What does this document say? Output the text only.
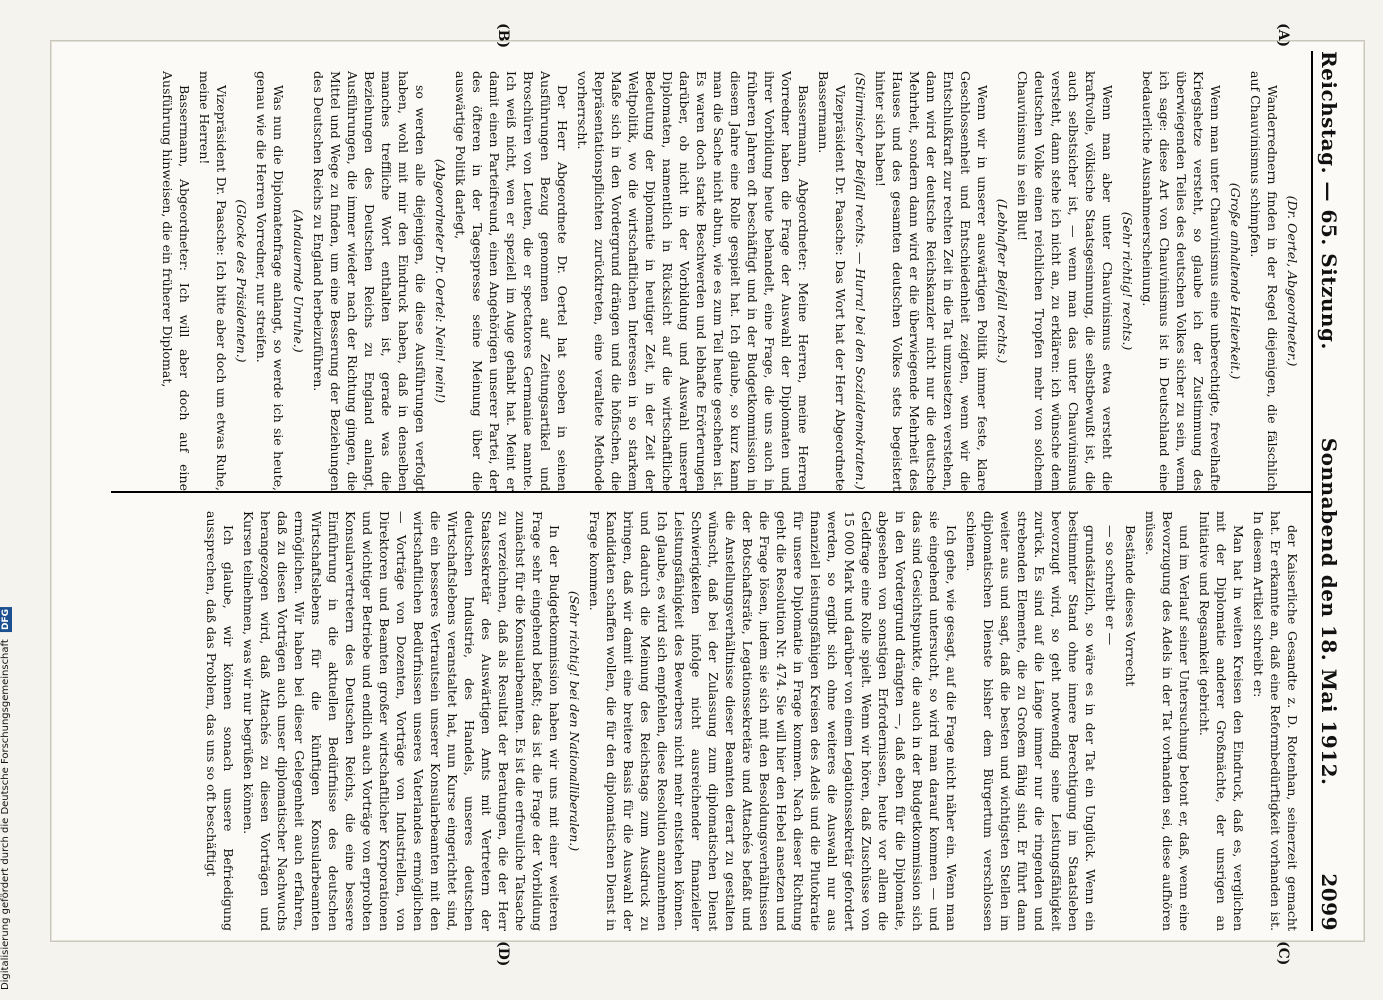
Reichstag. — 65. Sitzung.
Sonnabend den 18. Mai 1912.
2099
(A)
(B)
(C)
(D)

(Dr. Oertel, Abgeordneter.)

Wanderrednern finden in der Regel diejenigen, die fälschlich auf Chauvinismus schimpfen.

(Große anhaltende Heiterkeit.)

Wenn man unter Chauvinismus eine unberechtigte, frevelhafte Kriegshetze versteht, so glaube ich der Zustimmung des überwiegenden Teiles des deutschen Volkes sicher zu sein, wenn ich sage: diese Art von Chauvinismus ist in Deutschland eine bedauerliche Ausnahmeerscheinung.

(Sehr richtig! rechts.)

Wenn man aber unter Chauvinismus etwa versteht die kraftvolle, völkische Staatsgesinnung, die selbstbewußt ist, die auch selbstsicher ist, — wenn man das unter Chauvinismus versteht, dann stehe ich nicht an, zu erklären: ich wünsche dem deutschen Volke einen reichlichen Tropfen mehr von solchem Chauvinismus in sein Blut!

(Lebhafter Beifall rechts.)

Wenn wir in unserer auswärtigen Politik immer feste, klare Geschlossenheit und Entschiedenheit zeigten, wenn wir die Entschlußkraft zur rechten Zeit in die Tat umzusetzen verstehen, dann wird der deutsche Reichskanzler nicht nur die deutsche Mehrheit, sondern dann wird er die überwiegende Mehrheit des Hauses und des gesamten deutschen Volkes stets begeistert hinter sich haben!

(Stürmischer Beifall rechts. — Hurra! bei den Sozialdemokraten.)

Vizepräsident Dr. Paasche: Das Wort hat der Herr Abgeordnete Bassermann.

Bassermann, Abgeordneter: Meine Herren, meine Herren Vorredner haben die Frage der Auswahl der Diplomaten und ihrer Vorbildung heute behandelt, eine Frage, die uns auch in früheren Jahren oft beschäftigt und in der Budgetkommission in diesem Jahre eine Rolle gespielt hat. Ich glaube, so kurz kann man die Sache nicht abtun, wie es zum Teil heute geschehen ist. Es waren doch starke Beschwerden und lebhafte Erörterungen darüber, ob nicht in der Vorbildung und Auswahl unserer Diplomaten, namentlich in Rücksicht auf die wirtschaftliche Bedeutung der Diplomatie in heutiger Zeit, in der Zeit der Weltpolitik, wo die wirtschaftlichen Interessen in so starkem Maße sich in den Vordergrund drängen und die höfischen, die Repräsentationspflichten zurücktreten, eine veraltete Methode vorherrscht.

Der Herr Abgeordnete Dr. Oertel hat soeben in seinen Ausführungen Bezug genommen auf Zeitungsartikel und Broschüren von Leuten, die er spectatores Germaniae nannte. Ich weiß nicht, wen er speziell im Auge gehabt hat. Meint er damit einen Parteifreund, einen Angehörigen unserer Partei, der des öfteren in der Tagespresse seine Meinung über die auswärtige Politik darlegt,

(Abgeordneter Dr. Oertel: Nein! nein!)

so werden alle diejenigen, die diese Ausführungen verfolgt haben, wohl mit mir den Eindruck haben, daß in denselben manches treffliche Wort enthalten ist, gerade was die Beziehungen des Deutschen Reichs zu England anlangt, Ausführungen, die immer wieder nach der Richtung gingen, die Mittel und Wege zu finden, um eine Besserung der Beziehungen des Deutschen Reichs zu England herbeizuführen.

(Andauernde Unruhe.)

Was nun die Diplomatenfrage anlangt, so werde ich sie heute, genau wie die Herren Vorredner, nur streifen.

(Glocke des Präsidenten.)

Vizepräsident Dr. Paasche: Ich bitte aber doch um etwas Ruhe, meine Herren!

Bassermann, Abgeordneter: Ich will aber doch auf eine Ausführung hinweisen, die ein früherer Diplomat,

der Kaiserliche Gesandte z. D. Rotenhan, seinerzeit gemacht hat. Er erkannte an, daß eine Reformbedürftigkeit vorhanden ist. In diesem Artikel schreibt er:

Man hat in weiten Kreisen den Eindruck, daß es, verglichen mit der Diplomatie anderer Großmächte, der unsrigen an Initiative und Regsamkeit gebricht.

und im Verlauf seiner Untersuchung betont er, daß, wenn eine Bevorzugung des Adels in der Tat vorhanden sei, diese aufhören müsse.

Bestände dieses Vorrecht

— so schreibt er —

grundsätzlich, so wäre es in der Tat ein Unglück. Wenn ein bestimmter Stand ohne innere Berechtigung im Staatsleben bevorzugt wird, so geht notwendig seine Leistungsfähigkeit zurück. Es sind auf die Länge immer nur die ringenden und strebenden Elemente, die zu Großem fähig sind. Er führt dann weiter aus und sagt, daß die besten und wichtigsten Stellen im diplomatischen Dienste bisher dem Bürgertum verschlossen schienen.

Ich gehe, wie gesagt, auf die Frage nicht näher ein. Wenn man sie eingehend untersucht, so wird man darauf kommen — und das sind Gesichtspunkte, die auch in der Budgetkommission sich in den Vordergrund drängten —, daß eben für die Diplomatie, abgesehen von sonstigen Erfordernissen, heute vor allem die Geldfrage eine Rolle spielt. Wenn wir hören, daß Zuschüsse von 15 000 Mark und darüber von einem Legationssekretär gefordert werden, so ergibt sich ohne weiteres die Auswahl nur aus finanziell leistungsfähigen Kreisen des Adels und die Plutokratie für unsere Diplomatie in Frage kommen. Nach dieser Richtung geht die Resolution Nr. 474. Sie will hier den Hebel ansetzen und die Frage lösen, indem sie sich mit den Besoldungsverhältnissen der Botschaftsräte, Legationssekretäre und Attachés befaßt und die Anstellungsverhältnisse dieser Beamten derart zu gestalten wünscht, daß bei der Zulassung zum diplomatischen Dienst Schwierigkeiten infolge nicht ausreichender finanzieller Leistungsfähigkeit des Bewerbers nicht mehr entstehen können. Ich glaube, es wird sich empfehlen, diese Resolution anzunehmen und dadurch die Meinung des Reichstags zum Ausdruck zu bringen, daß wir damit eine breitere Basis für die Auswahl der Kandidaten schaffen wollen, die für den diplomatischen Dienst in Frage kommen.

(Sehr richtig! bei den Nationalliberalen.)

In der Budgetkommission haben wir uns mit einer weiteren Frage sehr eingehend befaßt; das ist die Frage der Vorbildung zunächst für die Konsularbeamten. Es ist die erfreuliche Tatsache zu verzeichnen, daß als Resultat der Beratungen, die der Herr Staatssekretär des Auswärtigen Amts mit Vertretern der deutschen Industrie, des Handels, unseres deutschen Wirtschaftslebens veranstaltet hat, nun Kurse eingerichtet sind, die ein besseres Vertrautsein unserer Konsularbeamten mit den wirtschaftlichen Bedürfnissen unseres Vaterlandes ermöglichen — Vorträge von Dozenten, Vorträge von Industriellen, von Direktoren und Beamten großer wirtschaftlicher Korporationen und wichtiger Betriebe und endlich auch Vorträge von erprobten Konsularvertretern des Deutschen Reichs, die eine bessere Einführung in die aktuellen Bedürfnisse des deutschen Wirtschaftslebens für die künftigen Konsularbeamten ermöglichen. Wir haben bei dieser Gelegenheit auch erfahren, daß zu diesen Vorträgen auch unser diplomatischer Nachwuchs herangezogen wird, daß Attachés zu diesen Vorträgen und Kursen teilnehmen, was wir nur begrüßen können.

Ich glaube, wir können sonach unsere Befriedigung aussprechen, daß das Problem, das uns so oft beschäftigt

Digitalisierung gefördert durch die Deutsche Forschungsgemeinschaft DFG
